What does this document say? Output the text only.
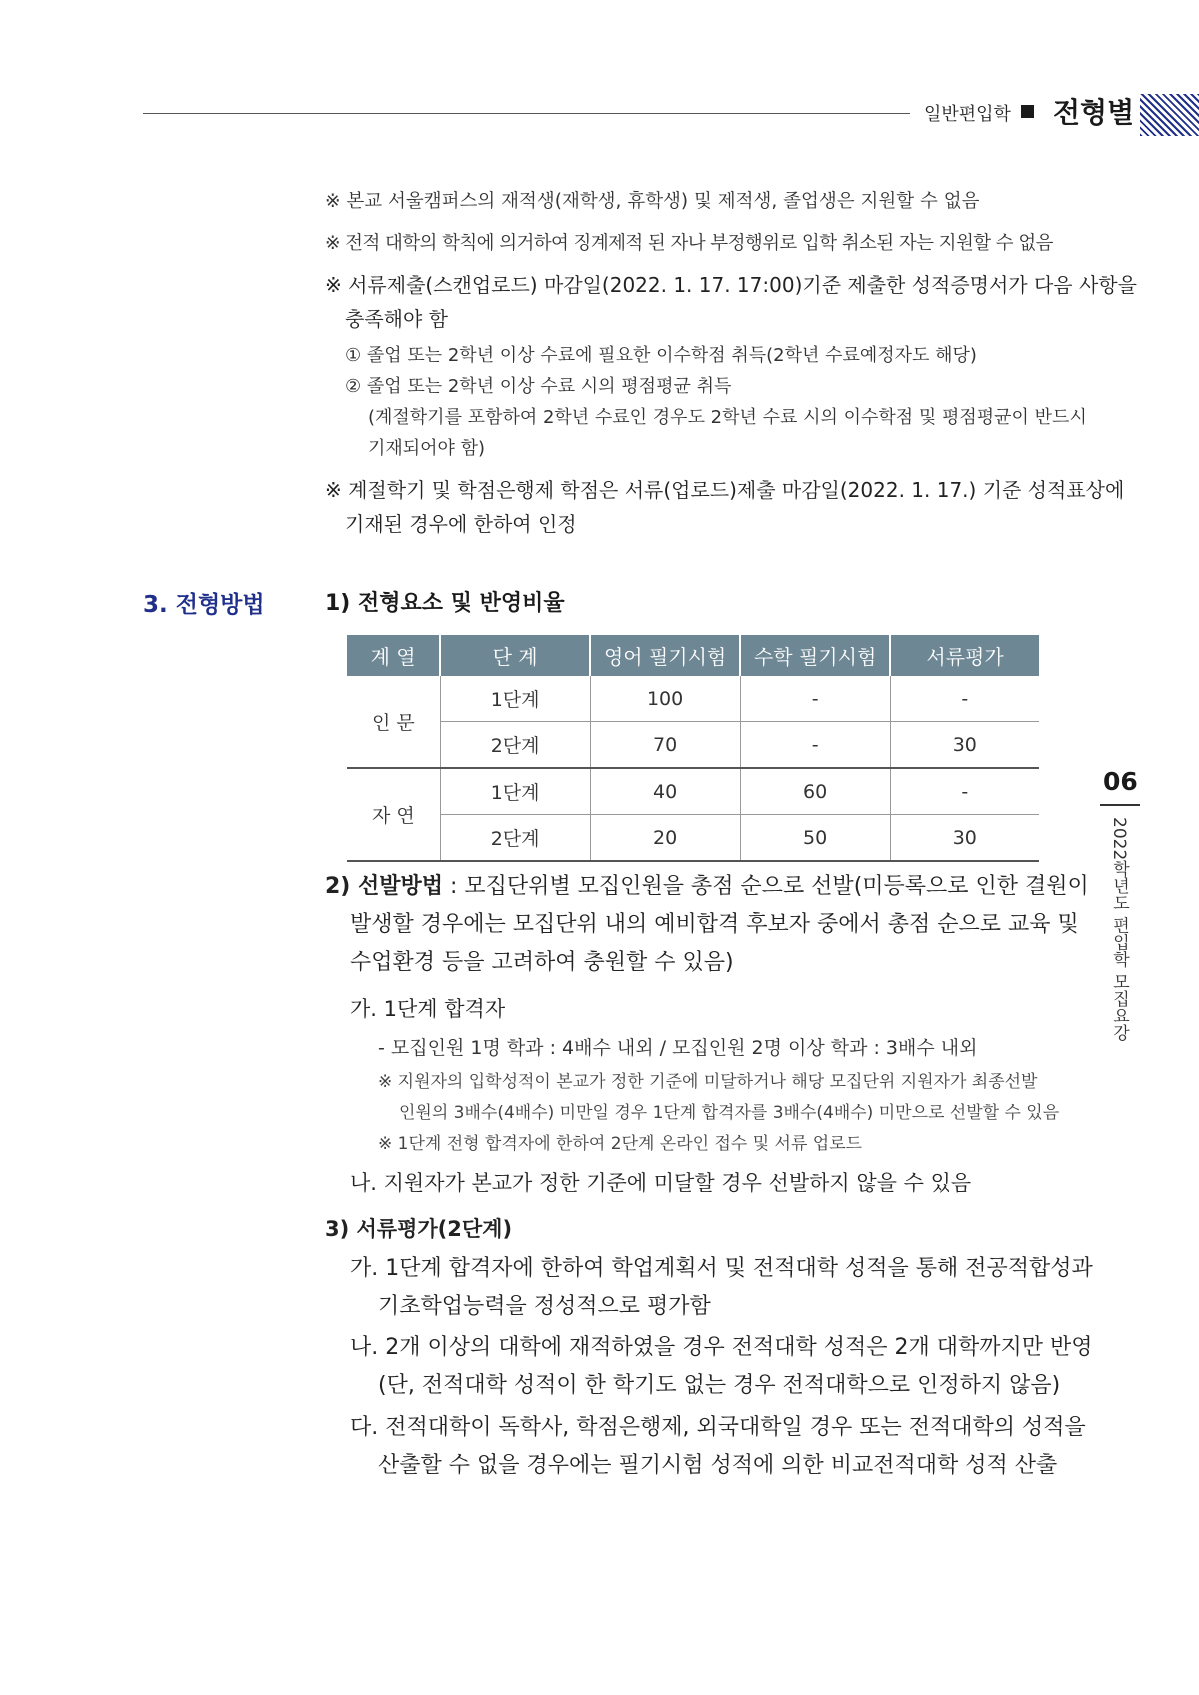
일반편입학 전형별
06
2022학년도 편입학 모집요강
※ 본교 서울캠퍼스의 재적생(재학생, 휴학생) 및 제적생, 졸업생은 지원할 수 없음
※ 전적 대학의 학칙에 의거하여 징계제적 된 자나 부정행위로 입학 취소된 자는 지원할 수 없음
※ 서류제출(스캔업로드) 마감일(2022. 1. 17. 17:00)기준 제출한 성적증명서가 다음 사항을
충족해야 함
① 졸업 또는 2학년 이상 수료에 필요한 이수학점 취득(2학년 수료예정자도 해당)
② 졸업 또는 2학년 이상 수료 시의 평점평균 취득
(계절학기를 포함하여 2학년 수료인 경우도 2학년 수료 시의 이수학점 및 평점평균이 반드시
기재되어야 함)
※ 계절학기 및 학점은행제 학점은 서류(업로드)제출 마감일(2022. 1. 17.) 기준 성적표상에
기재된 경우에 한하여 인정
3. 전형방법	1) 전형요소 및 반영비율
계 열	단 계	영어 필기시험	수학 필기시험	서류평가
인 문	1단계	100	-	-
	2단계	70	-	30
자 연	1단계	40	60	-
	2단계	20	50	30
2) 선발방법 : 모집단위별 모집인원을 총점 순으로 선발(미등록으로 인한 결원이
발생할 경우에는 모집단위 내의 예비합격 후보자 중에서 총점 순으로 교육 및
수업환경 등을 고려하여 충원할 수 있음)
가. 1단계 합격자
- 모집인원 1명 학과 : 4배수 내외 / 모집인원 2명 이상 학과 : 3배수 내외
※ 지원자의 입학성적이 본교가 정한 기준에 미달하거나 해당 모집단위 지원자가 최종선발
인원의 3배수(4배수) 미만일 경우 1단계 합격자를 3배수(4배수) 미만으로 선발할 수 있음
※ 1단계 전형 합격자에 한하여 2단계 온라인 접수 및 서류 업로드
나. 지원자가 본교가 정한 기준에 미달할 경우 선발하지 않을 수 있음
3) 서류평가(2단계)
가. 1단계 합격자에 한하여 학업계획서 및 전적대학 성적을 통해 전공적합성과
기초학업능력을 정성적으로 평가함
나. 2개 이상의 대학에 재적하였을 경우 전적대학 성적은 2개 대학까지만 반영
(단, 전적대학 성적이 한 학기도 없는 경우 전적대학으로 인정하지 않음)
다. 전적대학이 독학사, 학점은행제, 외국대학일 경우 또는 전적대학의 성적을
산출할 수 없을 경우에는 필기시험 성적에 의한 비교전적대학 성적 산출
